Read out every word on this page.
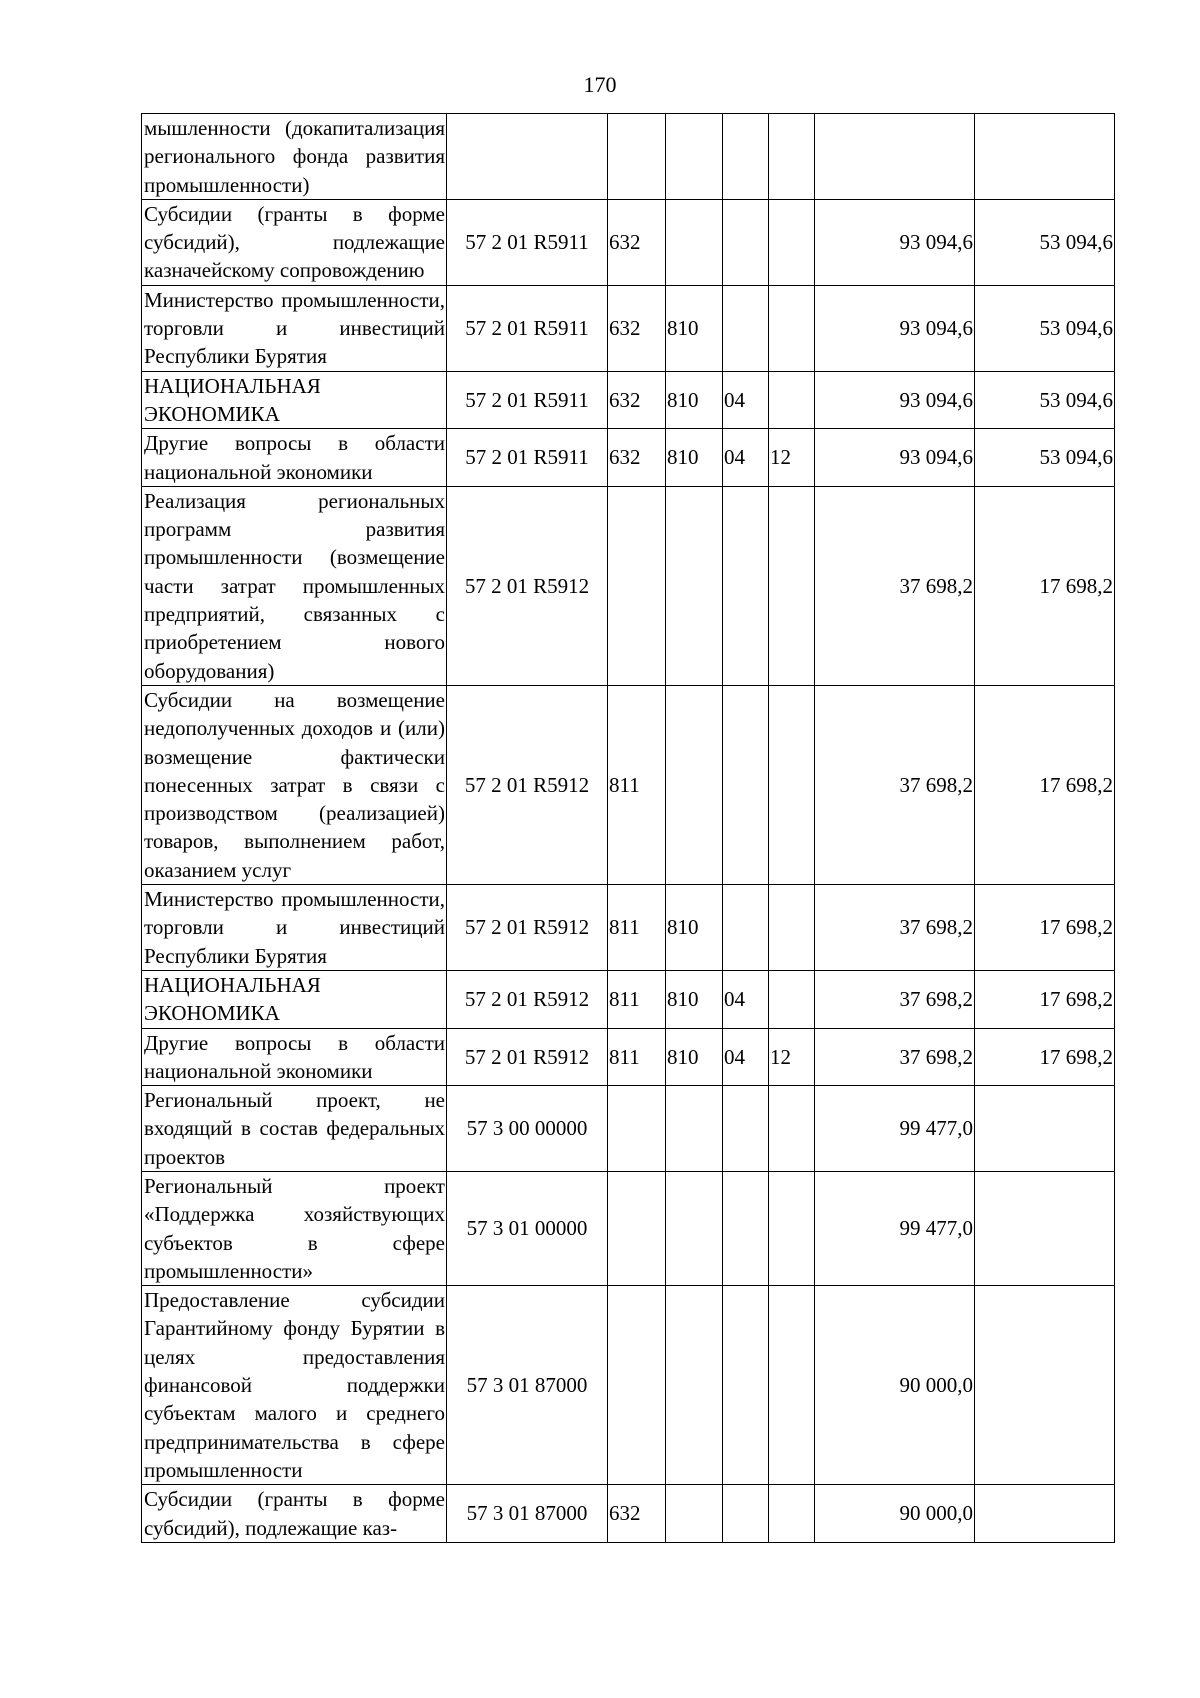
170
мышленности (докапитализация регионального фонда развития промышленности)							
Субсидии (гранты в форме субсидий), подлежащие казначейскому сопровождению	57 2 01 R5911	632				93 094,6	53 094,6
Министерство промышленности, торговли и инвестиций Республики Бурятия	57 2 01 R5911	632	810			93 094,6	53 094,6
НАЦИОНАЛЬНАЯ ЭКОНОМИКА	57 2 01 R5911	632	810	04		93 094,6	53 094,6
Другие вопросы в области национальной экономики	57 2 01 R5911	632	810	04	12	93 094,6	53 094,6
Реализация региональных программ развития промышленности (возмещение части затрат промышленных предприятий, связанных с приобретением нового оборудования)	57 2 01 R5912					37 698,2	17 698,2
Субсидии на возмещение недополученных доходов и (или) возмещение фактически понесенных затрат в связи с производством (реализацией) товаров, выполнением работ, оказанием услуг	57 2 01 R5912	811				37 698,2	17 698,2
Министерство промышленности, торговли и инвестиций Республики Бурятия	57 2 01 R5912	811	810			37 698,2	17 698,2
НАЦИОНАЛЬНАЯ ЭКОНОМИКА	57 2 01 R5912	811	810	04		37 698,2	17 698,2
Другие вопросы в области национальной экономики	57 2 01 R5912	811	810	04	12	37 698,2	17 698,2
Региональный проект, не входящий в состав федеральных проектов	57 3 00 00000					99 477,0	
Региональный проект «Поддержка хозяйствующих субъектов в сфере промышленности»	57 3 01 00000					99 477,0	
Предоставление субсидии Гарантийному фонду Бурятии в целях предоставления финансовой поддержки субъектам малого и среднего предпринимательства в сфере промышленности	57 3 01 87000					90 000,0	
Субсидии (гранты в форме субсидий), подлежащие каз-	57 3 01 87000	632				90 000,0	
